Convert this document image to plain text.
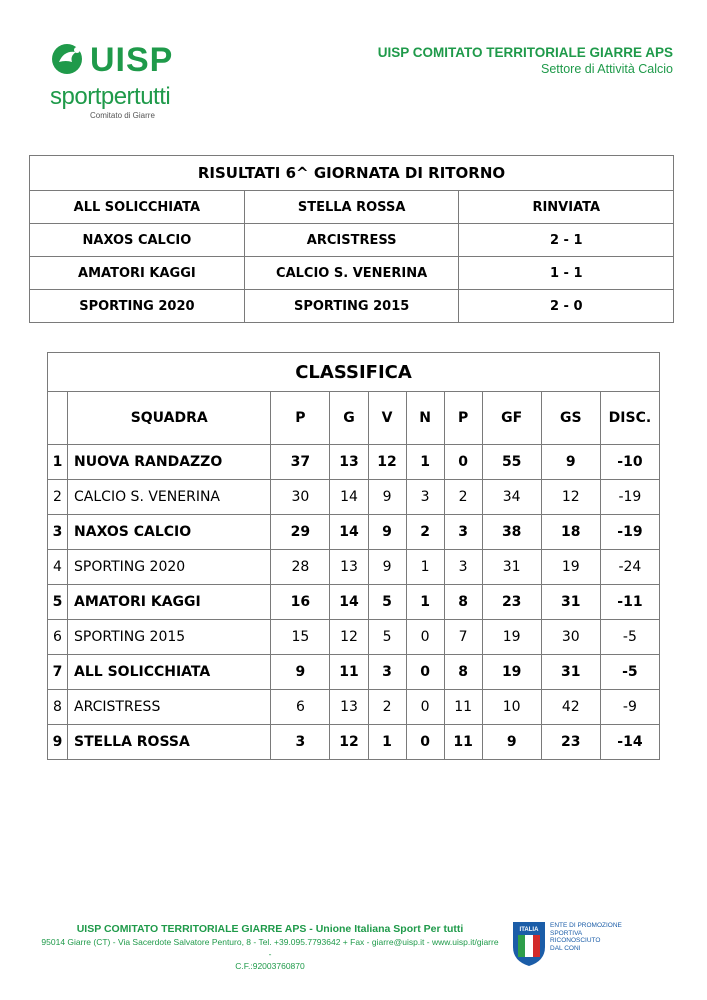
UISP
sportpertutti
Comitato di Giarre
UISP COMITATO TERRITORIALE GIARRE APS
Settore di Attività Calcio
RISULTATI 6^ GIORNATA DI RITORNO		
ALL SOLICCHIATA	STELLA ROSSA	RINVIATA
NAXOS CALCIO	ARCISTRESS	2 - 1
AMATORI KAGGI	CALCIO S. VENERINA	1 - 1
SPORTING 2020	SPORTING 2015	2 - 0
CLASSIFICA									
	SQUADRA	P	G	V	N	P	GF	GS	DISC.
1	NUOVA RANDAZZO	37	13	12	1	0	55	9	-10
2	CALCIO S. VENERINA	30	14	9	3	2	34	12	-19
3	NAXOS CALCIO	29	14	9	2	3	38	18	-19
4	SPORTING 2020	28	13	9	1	3	31	19	-24
5	AMATORI KAGGI	16	14	5	1	8	23	31	-11
6	SPORTING 2015	15	12	5	0	7	19	30	-5
7	ALL SOLICCHIATA	9	11	3	0	8	19	31	-5
8	ARCISTRESS	6	13	2	0	11	10	42	-9
9	STELLA ROSSA	3	12	1	0	11	9	23	-14
UISP COMITATO TERRITORIALE GIARRE APS - Unione Italiana Sport Per tutti
95014 Giarre (CT) - Via Sacerdote Salvatore Penturo, 8 - Tel. +39.095.7793642 + Fax - giarre@uisp.it - www.uisp.it/giarre -
C.F.:92003760870
ITALIA
ENTE DI PROMOZIONE
SPORTIVA
RICONOSCIUTO
DAL CONI
